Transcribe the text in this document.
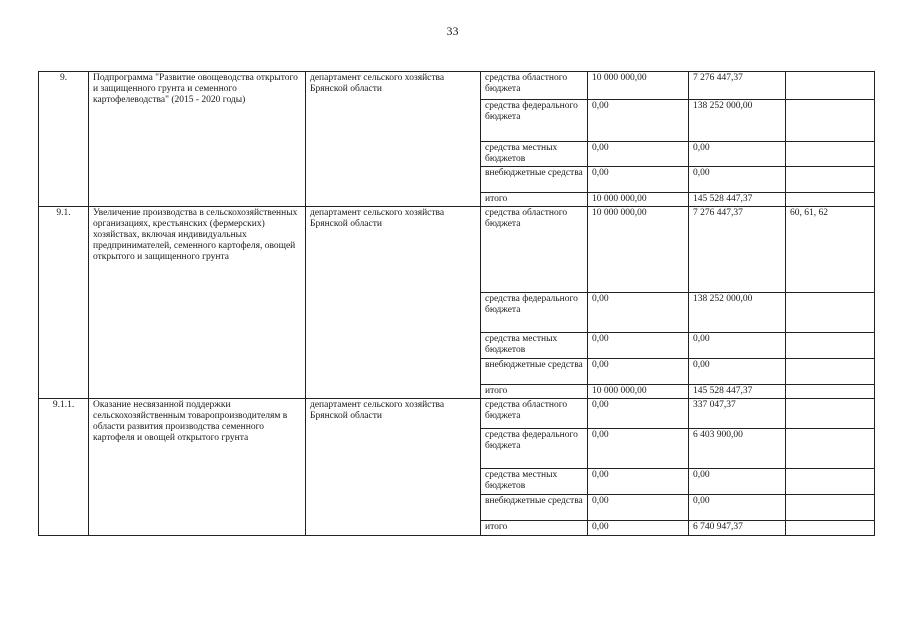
33
9.	Подпрограмма "Развитие овощеводства открытого и защищенного грунта и семенного картофелеводства" (2015 - 2020 годы)	департамент сельского хозяйства Брянской области	средства областного бюджета	10 000 000,00	7 276 447,37	
			средства федерального бюджета	0,00	138 252 000,00	
			средства местных бюджетов	0,00	0,00	
			внебюджетные средства	0,00	0,00	
			итого	10 000 000,00	145 528 447,37	
9.1.	Увеличение производства в сельскохозяйственных организациях, крестьянских (фермерских) хозяйствах, включая индивидуальных предпринимателей, семенного картофеля, овощей открытого и защищенного грунта	департамент сельского хозяйства Брянской области	средства областного бюджета	10 000 000,00	7 276 447,37	60, 61, 62
			средства федерального бюджета	0,00	138 252 000,00	
			средства местных бюджетов	0,00	0,00	
			внебюджетные средства	0,00	0,00	
			итого	10 000 000,00	145 528 447,37	
9.1.1.	Оказание несвязанной поддержки сельскохозяйственным товаропроизводителям в области развития производства семенного картофеля и овощей открытого грунта	департамент сельского хозяйства Брянской области	средства областного бюджета	0,00	337 047,37	
			средства федерального бюджета	0,00	6 403 900,00	
			средства местных бюджетов	0,00	0,00	
			внебюджетные средства	0,00	0,00	
			итого	0,00	6 740 947,37	
